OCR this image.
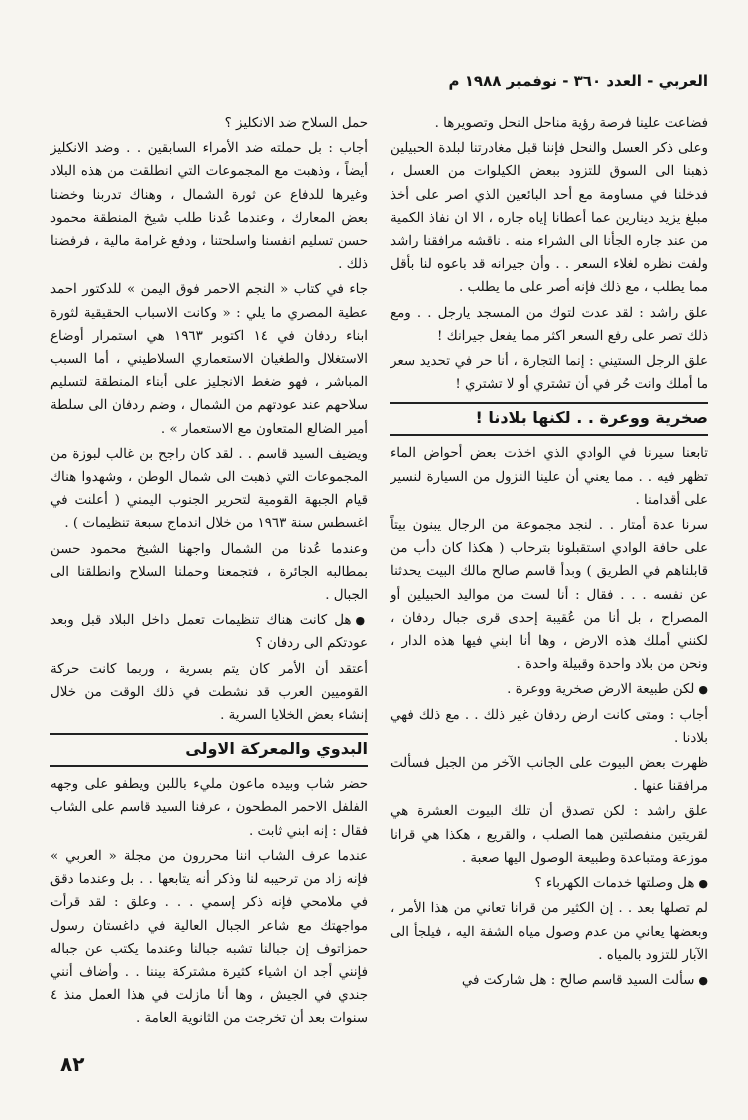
العربي - العدد ٣٦٠ - نوفمبر ١٩٨٨ م

فضاعت علينا فرصة رؤية مناحل النحل وتصويرها .

وعلى ذكر العسل والنحل فإننا قبل مغادرتنا لبلدة الحبيلين ذهبنا الى السوق للتزود ببعض الكيلوات من العسل ، فدخلنا في مساومة مع أحد البائعين الذي اصر على أخذ مبلغ يزيد دينارين عما أعطانا إياه جاره ، الا ان نفاذ الكمية من عند جاره الجأنا الى الشراء منه . ناقشه مرافقنا راشد ولفت نظره لغلاء السعر . . وأن جيرانه قد باعوه لنا بأقل مما يطلب ، مع ذلك فإنه أصر على ما يطلب .

علق راشد : لقد عدت لتوك من المسجد يارجل . . ومع ذلك تصر على رفع السعر اكثر مما يفعل جيرانك !

علق الرجل الستيني : إنما التجارة ، أنا حر في تحديد سعر ما أملك وانت حُر في أن تشتري أو لا تشتري !

صخرية ووعرة . . لكنها بلادنا !

تابعنا سيرنا في الوادي الذي اخذت بعض أحواض الماء تظهر فيه . . مما يعني أن علينا النزول من السيارة لنسير على أقدامنا .

سرنا عدة أمتار . . لنجد مجموعة من الرجال يبنون بيتاً على حافة الوادي استقبلونا بترحاب ( هكذا كان دأب من قابلناهم في الطريق ) وبدأ قاسم صالح مالك البيت يحدثنا عن نفسه . . . فقال : أنا لست من مواليد الحبيلين أو المصراح ، بل أنا من عُقيبة إحدى قرى جبال ردفان ، لكنني أملك هذه الارض ، وها أنا ابني فيها هذه الدار ، ونحن من بلاد واحدة وقبيلة واحدة .

● لكن طبيعة الارض صخرية ووعرة .

أجاب : ومتى كانت ارض ردفان غير ذلك . . مع ذلك فهي بلادنا .

ظهرت بعض البيوت على الجانب الآخر من الجبل فسألت مرافقنا عنها .

علق راشد : لكن تصدق أن تلك البيوت العشرة هي لقريتين منفصلتين هما الصلب ، والقريع ، هكذا هي قرانا موزعة ومتباعدة وطبيعة الوصول اليها صعبة .

● هل وصلتها خدمات الكهرباء ؟

لم تصلها بعد . . إن الكثير من قرانا تعاني من هذا الأمر ، وبعضها يعاني من عدم وصول مياه الشفة اليه ، فيلجأ الى الآبار للتزود بالمياه .

● سألت السيد قاسم صالح : هل شاركت في

حمل السلاح ضد الانكليز ؟

أجاب : بل حملته ضد الأمراء السابقين . . وضد الانكليز أيضاً ، وذهبت مع المجموعات التي انطلقت من هذه البلاد وغيرها للدفاع عن ثورة الشمال ، وهناك تدربنا وخضنا بعض المعارك ، وعندما عُدنا طلب شيخ المنطقة محمود حسن تسليم انفسنا واسلحتنا ، ودفع غرامة مالية ، فرفضنا ذلك .

جاء في كتاب « النجم الاحمر فوق اليمن » للدكتور احمد عطية المصري ما يلي : « وكانت الاسباب الحقيقية لثورة ابناء ردفان في ١٤ اكتوبر ١٩٦٣ هي استمرار أوضاع الاستغلال والطغيان الاستعماري السلاطيني ، أما السبب المباشر ، فهو ضغط الانجليز على أبناء المنطقة لتسليم سلاحهم عند عودتهم من الشمال ، وضم ردفان الى سلطة أمير الضالع المتعاون مع الاستعمار » .

ويضيف السيد قاسم . . لقد كان راجح بن غالب لبوزة من المجموعات التي ذهبت الى شمال الوطن ، وشهدوا هناك قيام الجبهة القومية لتحرير الجنوب اليمني ( أعلنت في اغسطس سنة ١٩٦٣ من خلال اندماج سبعة تنظيمات ) .

وعندما عُدنا من الشمال واجهنا الشيخ محمود حسن بمطالبه الجائرة ، فتجمعنا وحملنا السلاح وانطلقنا الى الجبال .

● هل كانت هناك تنظيمات تعمل داخل البلاد قبل وبعد عودتكم الى ردفان ؟

أعتقد أن الأمر كان يتم بسرية ، وربما كانت حركة القوميين العرب قد نشطت في ذلك الوقت من خلال إنشاء بعض الخلايا السرية .

البدوي والمعركة الاولى

حضر شاب وبيده ماعون مليء باللبن ويطفو على وجهه الفلفل الاحمر المطحون ، عرفنا السيد قاسم على الشاب فقال : إنه ابني ثابت .

عندما عرف الشاب اننا محررون من مجلة « العربي » فإنه زاد من ترحيبه لنا وذكر أنه يتابعها . . بل وعندما دقق في ملامحي فإنه ذكر إسمي . . . وعلق : لقد قرأت مواجهتك مع شاعر الجبال العالية في داغستان رسول حمزاتوف إن جبالنا تشبه جبالنا وعندما يكتب عن جباله فإنني أجد ان اشياء كثيرة مشتركة بيننا . . وأضاف أنني جندي في الجيش ، وها أنا مازلت في هذا العمل منذ ٤ سنوات بعد أن تخرجت من الثانوية العامة .

٨٢
